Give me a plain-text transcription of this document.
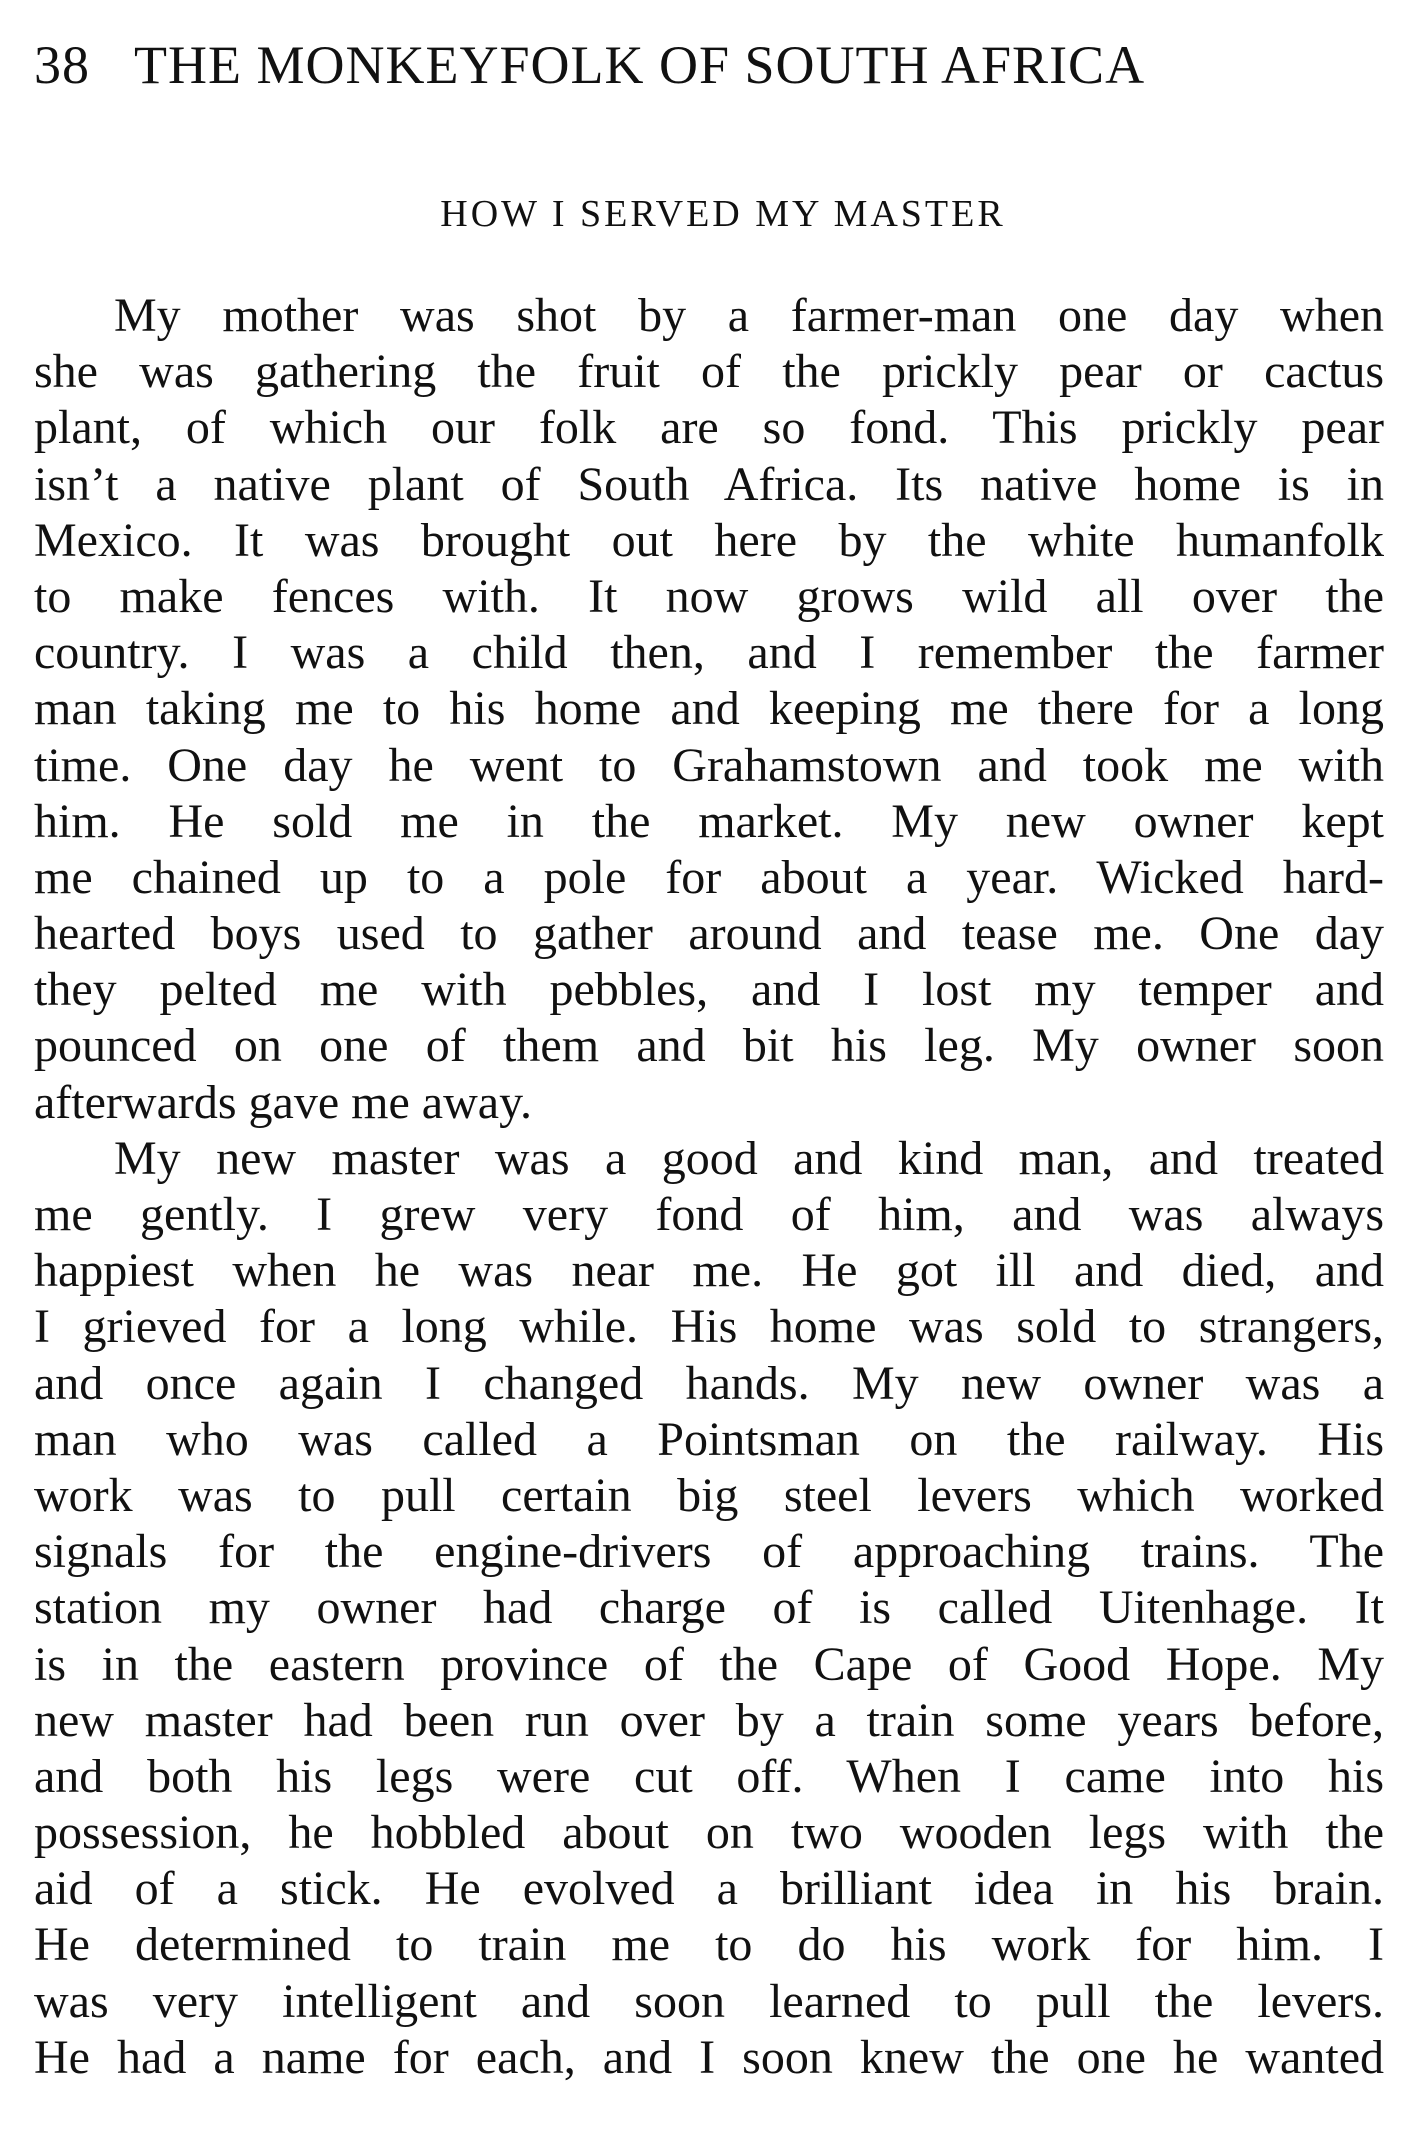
38 THE MONKEYFOLK OF SOUTH AFRICA
HOW I SERVED MY MASTER
My mother was shot by a farmer-man one day when
she was gathering the fruit of the prickly pear or cactus
plant, of which our folk are so fond. This prickly pear
isn’t a native plant of South Africa. Its native home is in
Mexico. It was brought out here by the white humanfolk
to make fences with. It now grows wild all over the
country. I was a child then, and I remember the farmer
man taking me to his home and keeping me there for a long
time. One day he went to Grahamstown and took me with
him. He sold me in the market. My new owner kept
me chained up to a pole for about a year. Wicked hard-
hearted boys used to gather around and tease me. One day
they pelted me with pebbles, and I lost my temper and
pounced on one of them and bit his leg. My owner soon
afterwards gave me away.
My new master was a good and kind man, and treated
me gently. I grew very fond of him, and was always
happiest when he was near me. He got ill and died, and
I grieved for a long while. His home was sold to strangers,
and once again I changed hands. My new owner was a
man who was called a Pointsman on the railway. His
work was to pull certain big steel levers which worked
signals for the engine-drivers of approaching trains. The
station my owner had charge of is called Uitenhage. It
is in the eastern province of the Cape of Good Hope. My
new master had been run over by a train some years before,
and both his legs were cut off. When I came into his
possession, he hobbled about on two wooden legs with the
aid of a stick. He evolved a brilliant idea in his brain.
He determined to train me to do his work for him. I
was very intelligent and soon learned to pull the levers.
He had a name for each, and I soon knew the one he wanted
